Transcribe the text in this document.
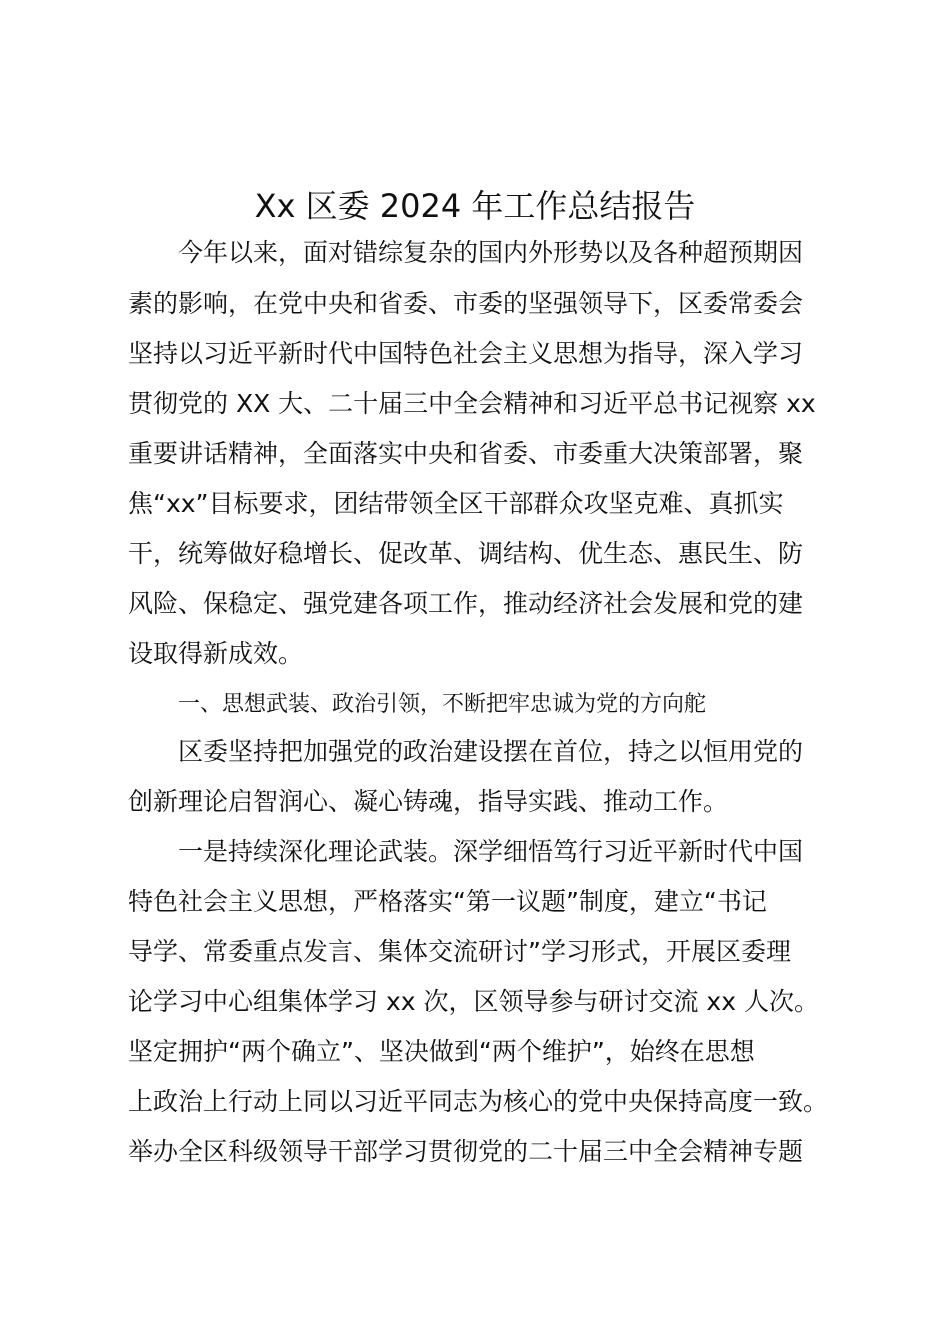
Xx 区委 2024 年工作总结报告
今年以来，面对错综复杂的国内外形势以及各种超预期因
素的影响，在党中央和省委、市委的坚强领导下，区委常委会
坚持以习近平新时代中国特色社会主义思想为指导，深入学习
贯彻党的 XX 大、二十届三中全会精神和习近平总书记视察 xx
重要讲话精神，全面落实中央和省委、市委重大决策部署，聚
焦“xx”目标要求，团结带领全区干部群众攻坚克难、真抓实
干，统筹做好稳增长、促改革、调结构、优生态、惠民生、防
风险、保稳定、强党建各项工作，推动经济社会发展和党的建
设取得新成效。
一、思想武装、政治引领，不断把牢忠诚为党的方向舵
区委坚持把加强党的政治建设摆在首位，持之以恒用党的
创新理论启智润心、凝心铸魂，指导实践、推动工作。
一是持续深化理论武装。深学细悟笃行习近平新时代中国
特色社会主义思想，严格落实“第一议题”制度，建立“书记
导学、常委重点发言、集体交流研讨”学习形式，开展区委理
论学习中心组集体学习 xx 次，区领导参与研讨交流 xx 人次。
坚定拥护“两个确立”、坚决做到“两个维护”，始终在思想
上政治上行动上同以习近平同志为核心的党中央保持高度一致。
举办全区科级领导干部学习贯彻党的二十届三中全会精神专题
